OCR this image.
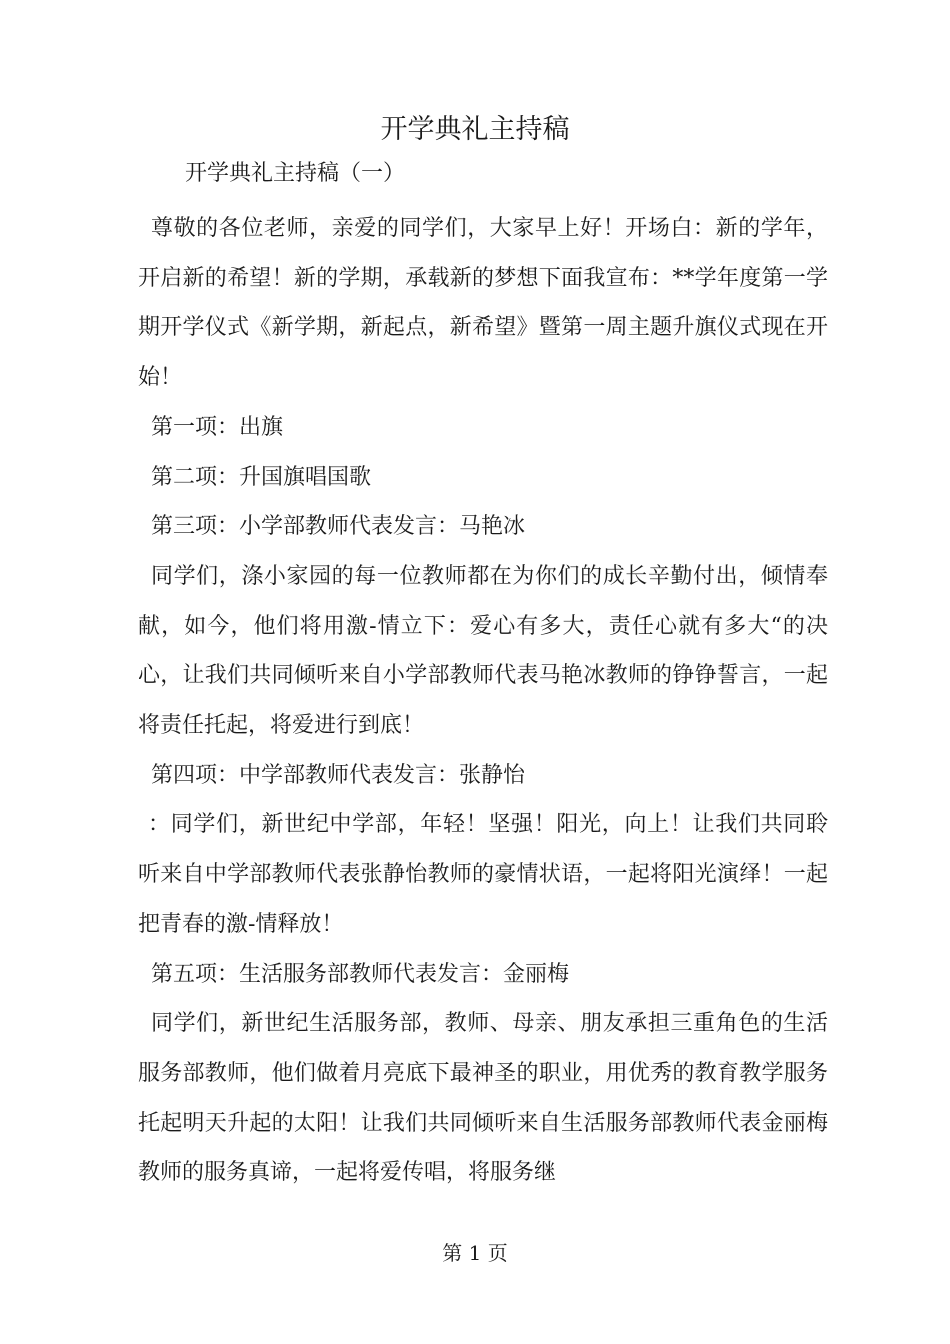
开学典礼主持稿
开学典礼主持稿（一）

尊敬的各位老师，亲爱的同学们，大家早上好！开场白：新的学年，开启新的希望！新的学期，承载新的梦想下面我宣布：**学年度第一学期开学仪式《新学期，新起点，新希望》暨第一周主题升旗仪式现在开始！

第一项：出旗

第二项：升国旗唱国歌

第三项：小学部教师代表发言：马艳冰

同学们，涤小家园的每一位教师都在为你们的成长辛勤付出，倾情奉献，如今，他们将用激-情立下：爱心有多大，责任心就有多大“的决心，让我们共同倾听来自小学部教师代表马艳冰教师的铮铮誓言，一起将责任托起，将爱进行到底！

第四项：中学部教师代表发言：张静怡

：同学们，新世纪中学部，年轻！坚强！阳光，向上！让我们共同聆听来自中学部教师代表张静怡教师的豪情状语，一起将阳光演绎！一起把青春的激-情释放！

第五项：生活服务部教师代表发言：金丽梅

同学们，新世纪生活服务部，教师、母亲、朋友承担三重角色的生活服务部教师，他们做着月亮底下最神圣的职业，用优秀的教育教学服务托起明天升起的太阳！让我们共同倾听来自生活服务部教师代表金丽梅教师的服务真谛，一起将爱传唱，将服务继

第 1 页
